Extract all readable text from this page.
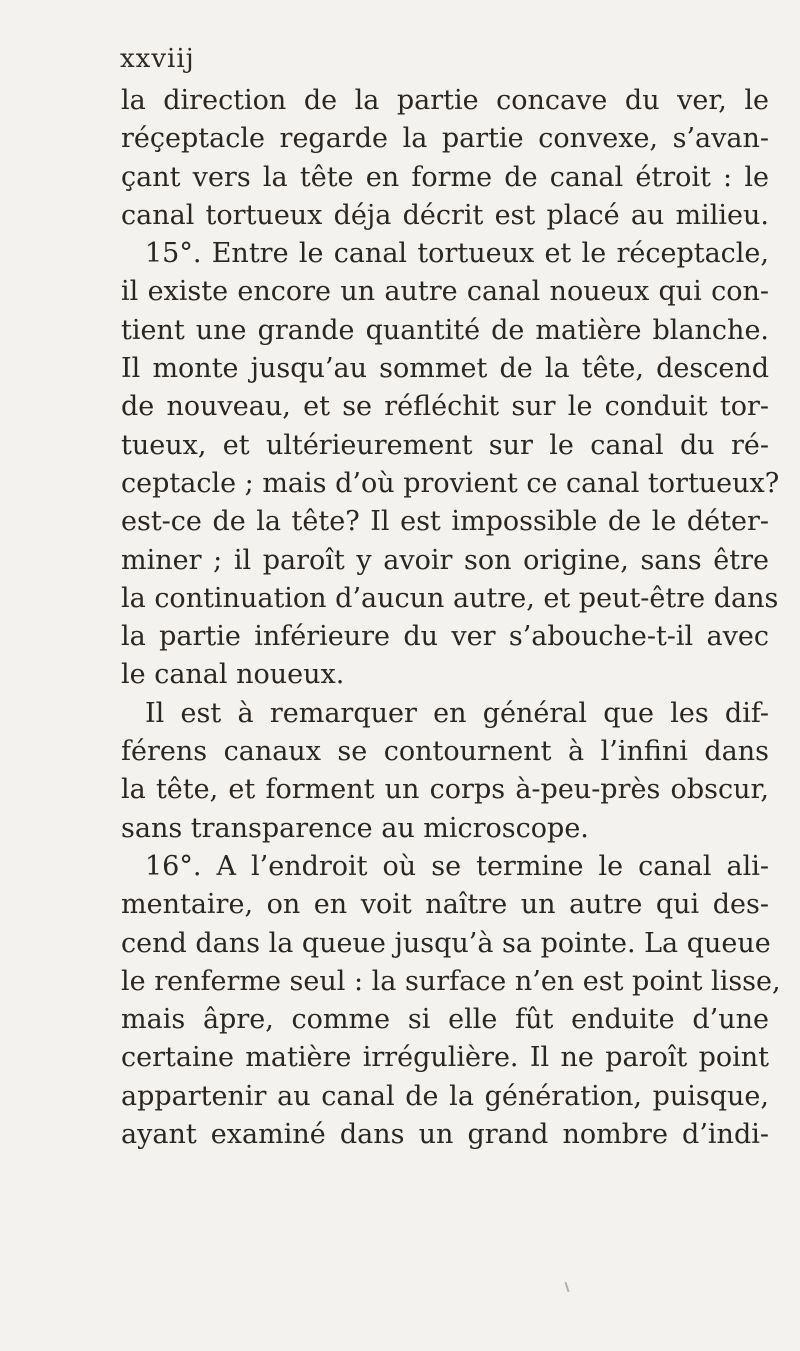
xxviij
la direction de la partie concave du ver, le
réçeptacle regarde la partie convexe, s’avan-
çant vers la tête en forme de canal étroit : le
canal tortueux déja décrit est placé au milieu.
15°. Entre le canal tortueux et le réceptacle,
il existe encore un autre canal noueux qui con-
tient une grande quantité de matière blanche.
Il monte jusqu’au sommet de la tête, descend
de nouveau, et se réfléchit sur le conduit tor-
tueux, et ultérieurement sur le canal du ré-
ceptacle ; mais d’où provient ce canal tortueux?
est-ce de la tête? Il est impossible de le déter-
miner ; il paroît y avoir son origine, sans être
la continuation d’aucun autre, et peut-être dans
la partie inférieure du ver s’abouche-t-il avec
le canal noueux.
Il est à remarquer en général que les dif-
férens canaux se contournent à l’infini dans
la tête, et forment un corps à-peu-près obscur,
sans transparence au microscope.
16°. A l’endroit où se termine le canal ali-
mentaire, on en voit naître un autre qui des-
cend dans la queue jusqu’à sa pointe. La queue
le renferme seul : la surface n’en est point lisse,
mais âpre, comme si elle fût enduite d’une
certaine matière irrégulière. Il ne paroît point
appartenir au canal de la génération, puisque,
ayant examiné dans un grand nombre d’indi-
